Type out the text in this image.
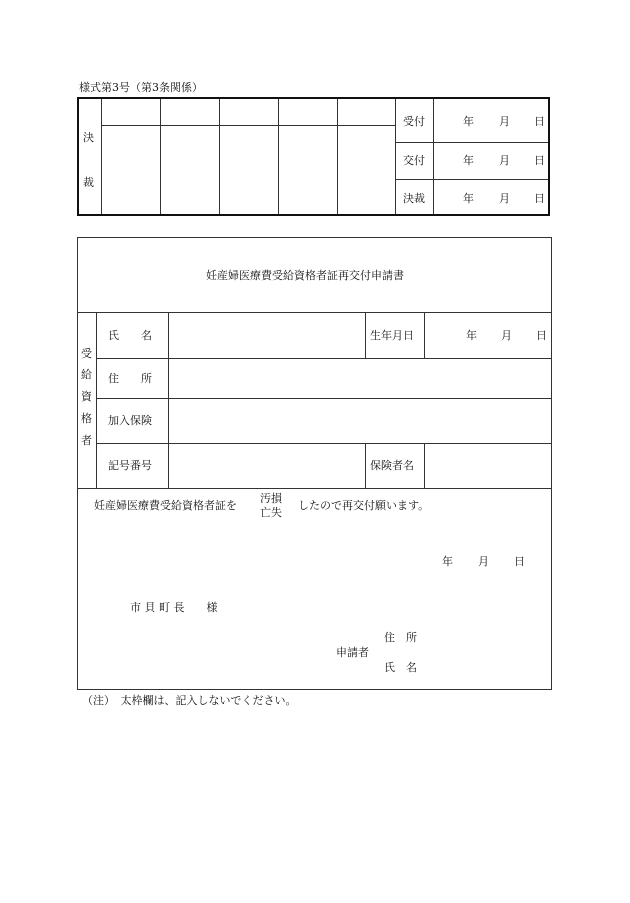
様式第3号（第3条関係）
決
裁
受付	年 月 日
交付	年 月 日
決裁	年 月 日
妊産婦医療費受給資格者証再交付申請書
受
給
資
格
者
氏　　名	生年月日	年 月 日
住　　所
加入保険
記号番号	保険者名
妊産婦医療費受給資格者証を
汚損
亡失
したので再交付願います。
年 月 日
市 貝 町 長　　様
住　所
申請者
氏　名
（注）　太枠欄は、記入しないでください。
